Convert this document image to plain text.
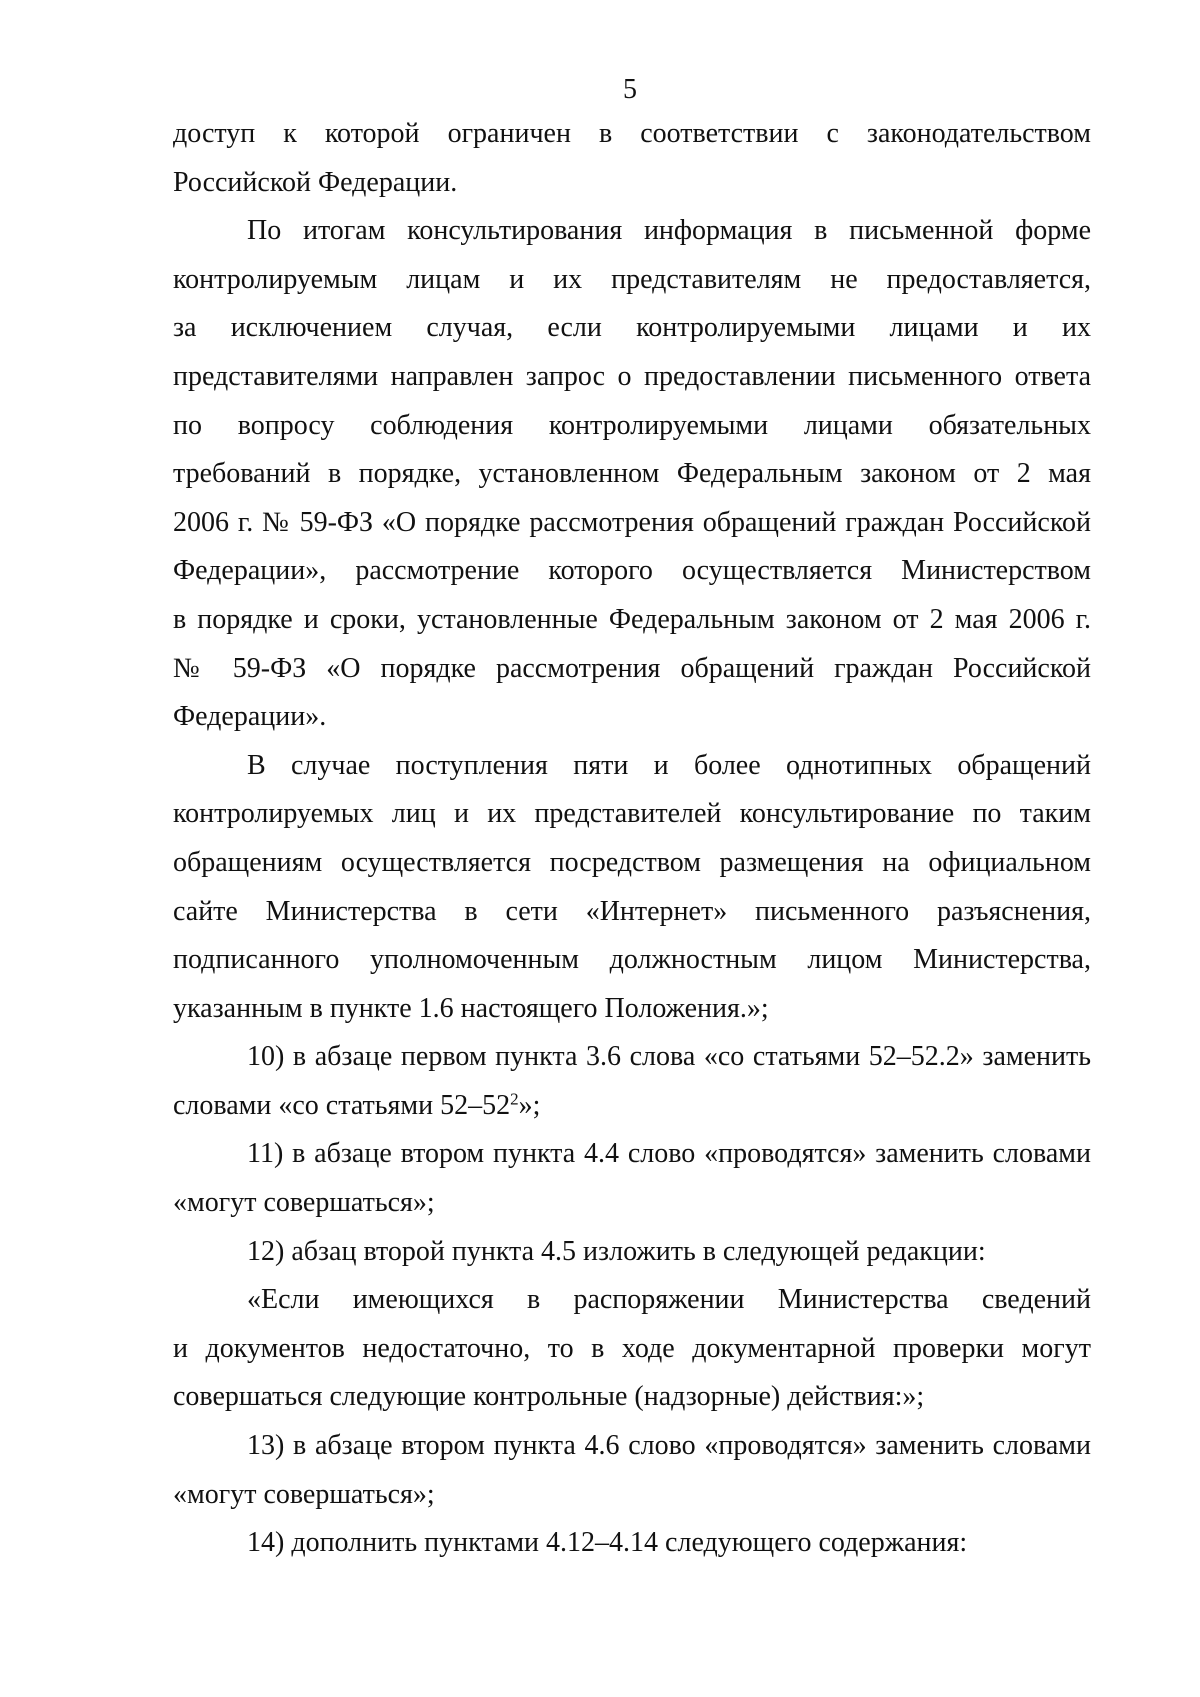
5

доступ к которой ограничен в соответствии с законодательством
Российской Федерации.

По итогам консультирования информация в письменной форме
контролируемым лицам и их представителям не предоставляется,
за исключением случая, если контролируемыми лицами и их
представителями направлен запрос о предоставлении письменного ответа
по вопросу соблюдения контролируемыми лицами обязательных
требований в порядке, установленном Федеральным законом от 2 мая
2006 г. № 59-ФЗ «О порядке рассмотрения обращений граждан Российской
Федерации», рассмотрение которого осуществляется Министерством
в порядке и сроки, установленные Федеральным законом от 2 мая 2006 г.
№ 59-ФЗ «О порядке рассмотрения обращений граждан Российской
Федерации».

В случае поступления пяти и более однотипных обращений
контролируемых лиц и их представителей консультирование по таким
обращениям осуществляется посредством размещения на официальном
сайте Министерства в сети «Интернет» письменного разъяснения,
подписанного уполномоченным должностным лицом Министерства,
указанным в пункте 1.6 настоящего Положения.»;

10) в абзаце первом пункта 3.6 слова «со статьями 52–52.2» заменить
словами «со статьями $52-52^2$»;

11) в абзаце втором пункта 4.4 слово «проводятся» заменить словами
«могут совершаться»;

12) абзац второй пункта 4.5 изложить в следующей редакции:

«Если имеющихся в распоряжении Министерства сведений
и документов недостаточно, то в ходе документарной проверки могут
совершаться следующие контрольные (надзорные) действия:»;

13) в абзаце втором пункта 4.6 слово «проводятся» заменить словами
«могут совершаться»;

14) дополнить пунктами 4.12–4.14 следующего содержания:
